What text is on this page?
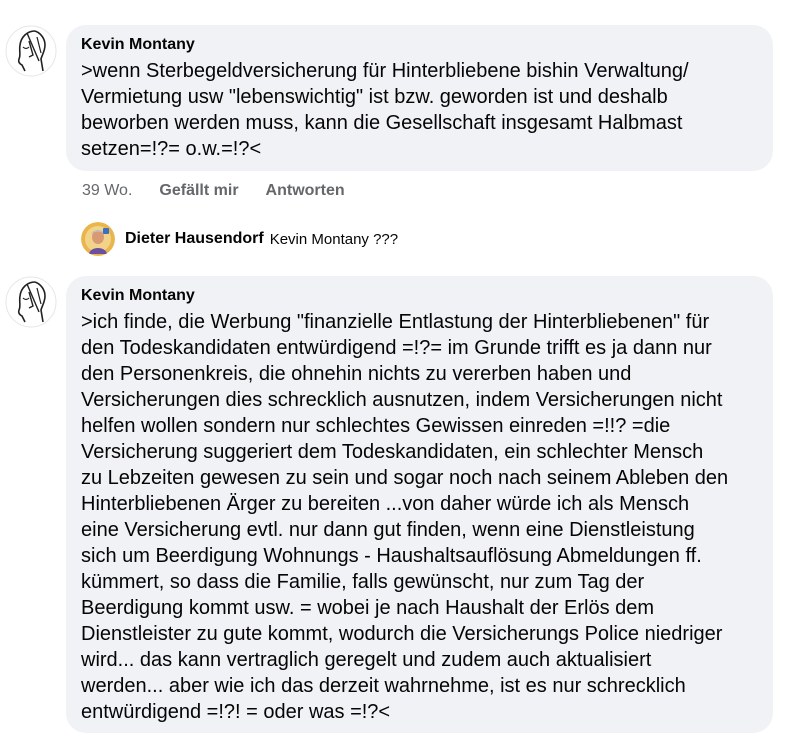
Kevin Montany

>wenn Sterbegeldversicherung für Hinterbliebene bishin Verwaltung/
Vermietung usw "lebenswichtig" ist bzw. geworden ist und deshalb
beworben werden muss, kann die Gesellschaft insgesamt Halbmast
setzen=!?= o.w.=!?<

39 Wo. Gefällt mir Antworten
Dieter Hausendorf Kevin Montany ???

Kevin Montany

>ich finde, die Werbung "finanzielle Entlastung der Hinterbliebenen" für
den Todeskandidaten entwürdigend =!?= im Grunde trifft es ja dann nur
den Personenkreis, die ohnehin nichts zu vererben haben und
Versicherungen dies schrecklich ausnutzen, indem Versicherungen nicht
helfen wollen sondern nur schlechtes Gewissen einreden =!!? =die
Versicherung suggeriert dem Todeskandidaten, ein schlechter Mensch
zu Lebzeiten gewesen zu sein und sogar noch nach seinem Ableben den
Hinterbliebenen Ärger zu bereiten ...von daher würde ich als Mensch
eine Versicherung evtl. nur dann gut finden, wenn eine Dienstleistung
sich um Beerdigung Wohnungs - Haushaltsauflösung Abmeldungen ff.
kümmert, so dass die Familie, falls gewünscht, nur zum Tag der
Beerdigung kommt usw. = wobei je nach Haushalt der Erlös dem
Dienstleister zu gute kommt, wodurch die Versicherungs Police niedriger
wird... das kann vertraglich geregelt und zudem auch aktualisiert
werden... aber wie ich das derzeit wahrnehme, ist es nur schrecklich
entwürdigend =!?! = oder was =!?<
